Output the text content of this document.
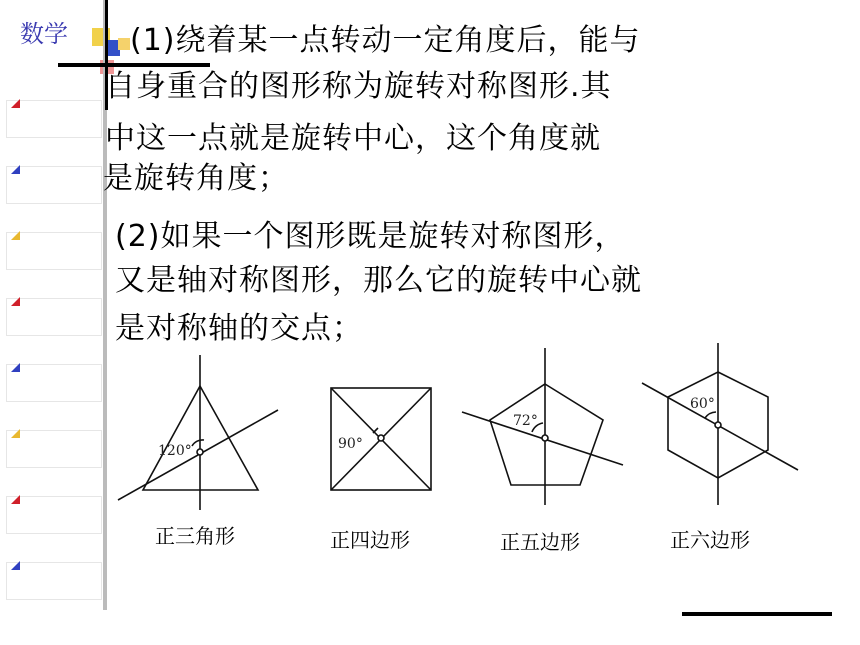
数学 (1)绕着某一点转动一定角度后，能与
自身重合的图形称为旋转对称图形.其
中这一点就是旋转中心，这个角度就
是旋转角度；
(2)如果一个图形既是旋转对称图形，
又是轴对称图形，那么它的旋转中心就
是对称轴的交点；
120°	90°
72°
60°
正三角形	正四边形	正五边形	正六边形
